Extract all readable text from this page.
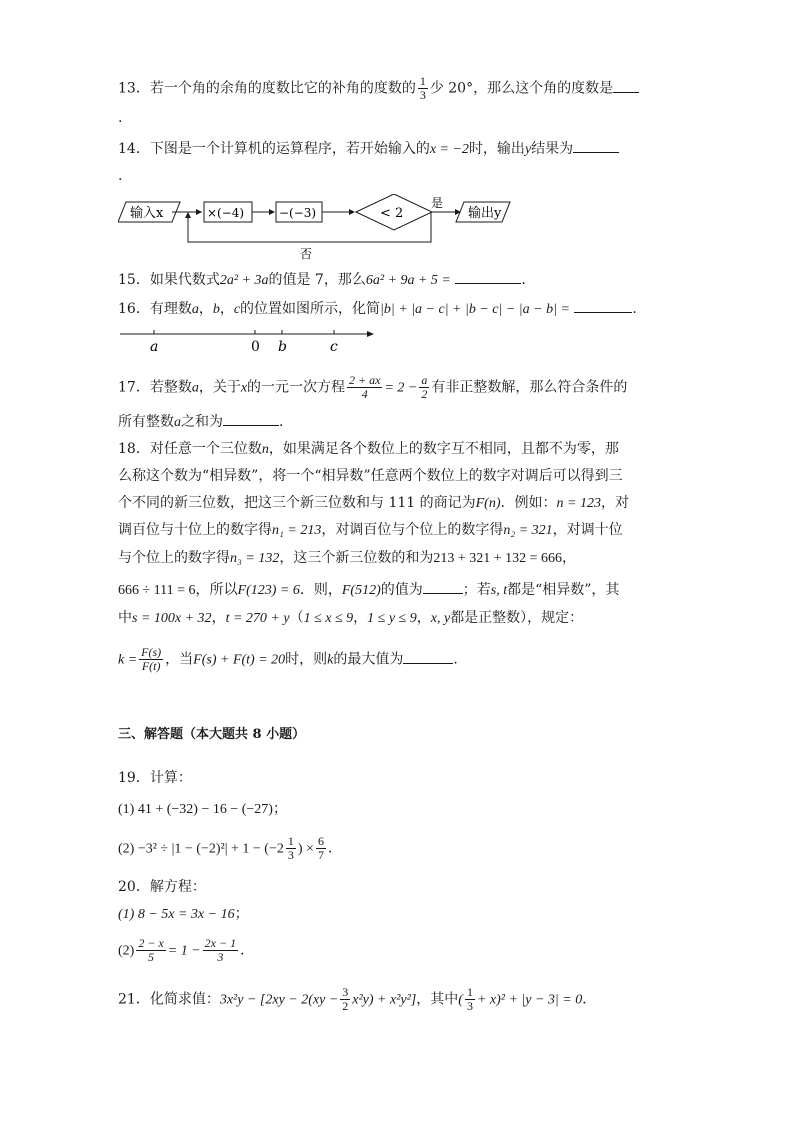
13．若一个角的余角的度数比它的补角的度数的 $\frac{1}{3}$ 少 20°，那么这个角的度数是
.
14．下图是一个计算机的运算程序，若开始输入的x = −2时，输出y结果为
.
输入x	×(−4)	−(−3)	< 2
是
输出y
否
15．如果代数式2a² + 3a的值是 7，那么6a² + 9a + 5 =	.
16．有理数a，b，c的位置如图所示，化简|b| + |a − c| + |b − c| − |a − b| =	.
a	0 b	c
17．若整数a，关于x的一元一次方程 $\frac{2 + ax}{4} = 2 - \frac{a}{2}$ 有非正整数解，那么符合条件的
所有整数a之和为	.
18．对任意一个三位数n，如果满足各个数位上的数字互不相同，且都不为零，那
么称这个数为“相异数”，将一个“相异数”任意两个数位上的数字对调后可以得到三
个不同的新三位数，把这三个新三位数和与 111 的商记为F(n)．例如：n = 123，对
调百位与十位上的数字得n₁ = 213，对调百位与个位上的数字得n₂ = 321，对调十位
与个位上的数字得n₃ = 132，这三个新三位数的和为213 + 321 + 132 = 666，
666 ÷ 111 = 6，所以F(123) = 6．则，F(512)的值为	；若s, t都是“相异数”，其
中s = 100x + 32，t = 270 + y（1 ≤ x ≤ 9，1 ≤ y ≤ 9，x, y都是正整数），规定：
$k = \frac{F(s)}{F(t)}$ ，当F(s) + F(t) = 20时，则k的最大值为	.
三、解答题（本大题共 8 小题）
19．计算：
(1) 41 + (−32) − 16 − (−27)；
$(2) -3^2 \div |1 - (-2)^2| + 1 - (-2 \frac{1}{3}$ ) × $\frac{6}{7}$ ．
20．解方程：
(1) 8 − 5x = 3x − 16；
$(2) \frac{2 - x}{5} = 1 - \frac{2x - 1}{3}$ ．
21．化简求值：$3x^2y - [2xy - 2(xy - \frac{3}{2} x^2y) + x^2y^2]$，其中( $\frac{1}{3} + x)^2 + |y - 3| = 0$．
